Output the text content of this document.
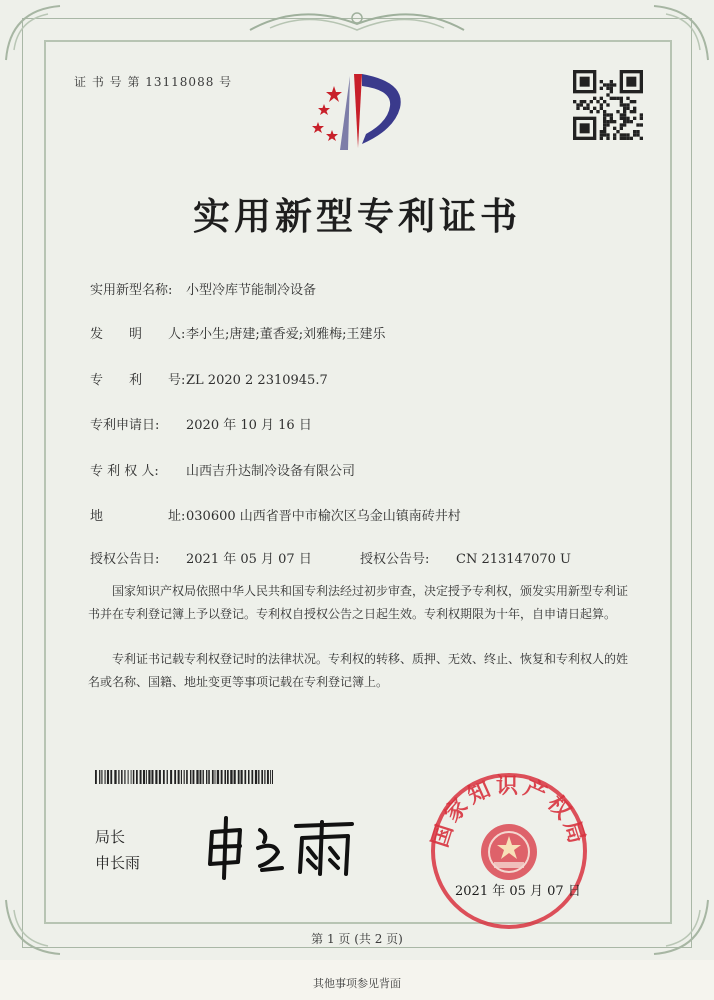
证 书 号 第 13118088 号
实用新型专利证书
实用新型名称: 小型冷库节能制冷设备
发　　明　　人:李小生;唐建;董香爱;刘雅梅;王建乐
专　　利　　号:ZL 2020 2 2310945.7
专利申请日: 2020 年 10 月 16 日
专 利 权 人: 山西吉升达制冷设备有限公司
地　　　　　址:030600 山西省晋中市榆次区乌金山镇南砖井村
授权公告日: 2021 年 05 月 07 日	授权公告号: CN 213147070 U
国家知识产权局依照中华人民共和国专利法经过初步审查，决定授予专利权，颁发实用新型专利证书并在专利登记簿上予以登记。专利权自授权公告之日起生效。专利权期限为十年，自申请日起算。
专利证书记载专利权登记时的法律状况。专利权的转移、质押、无效、终止、恢复和专利权人的姓名或名称、国籍、地址变更等事项记载在专利登记簿上。
局长
申长雨
国家知识产权局
2021 年 05 月 07 日
第 1 页 (共 2 页)
其他事项参见背面
